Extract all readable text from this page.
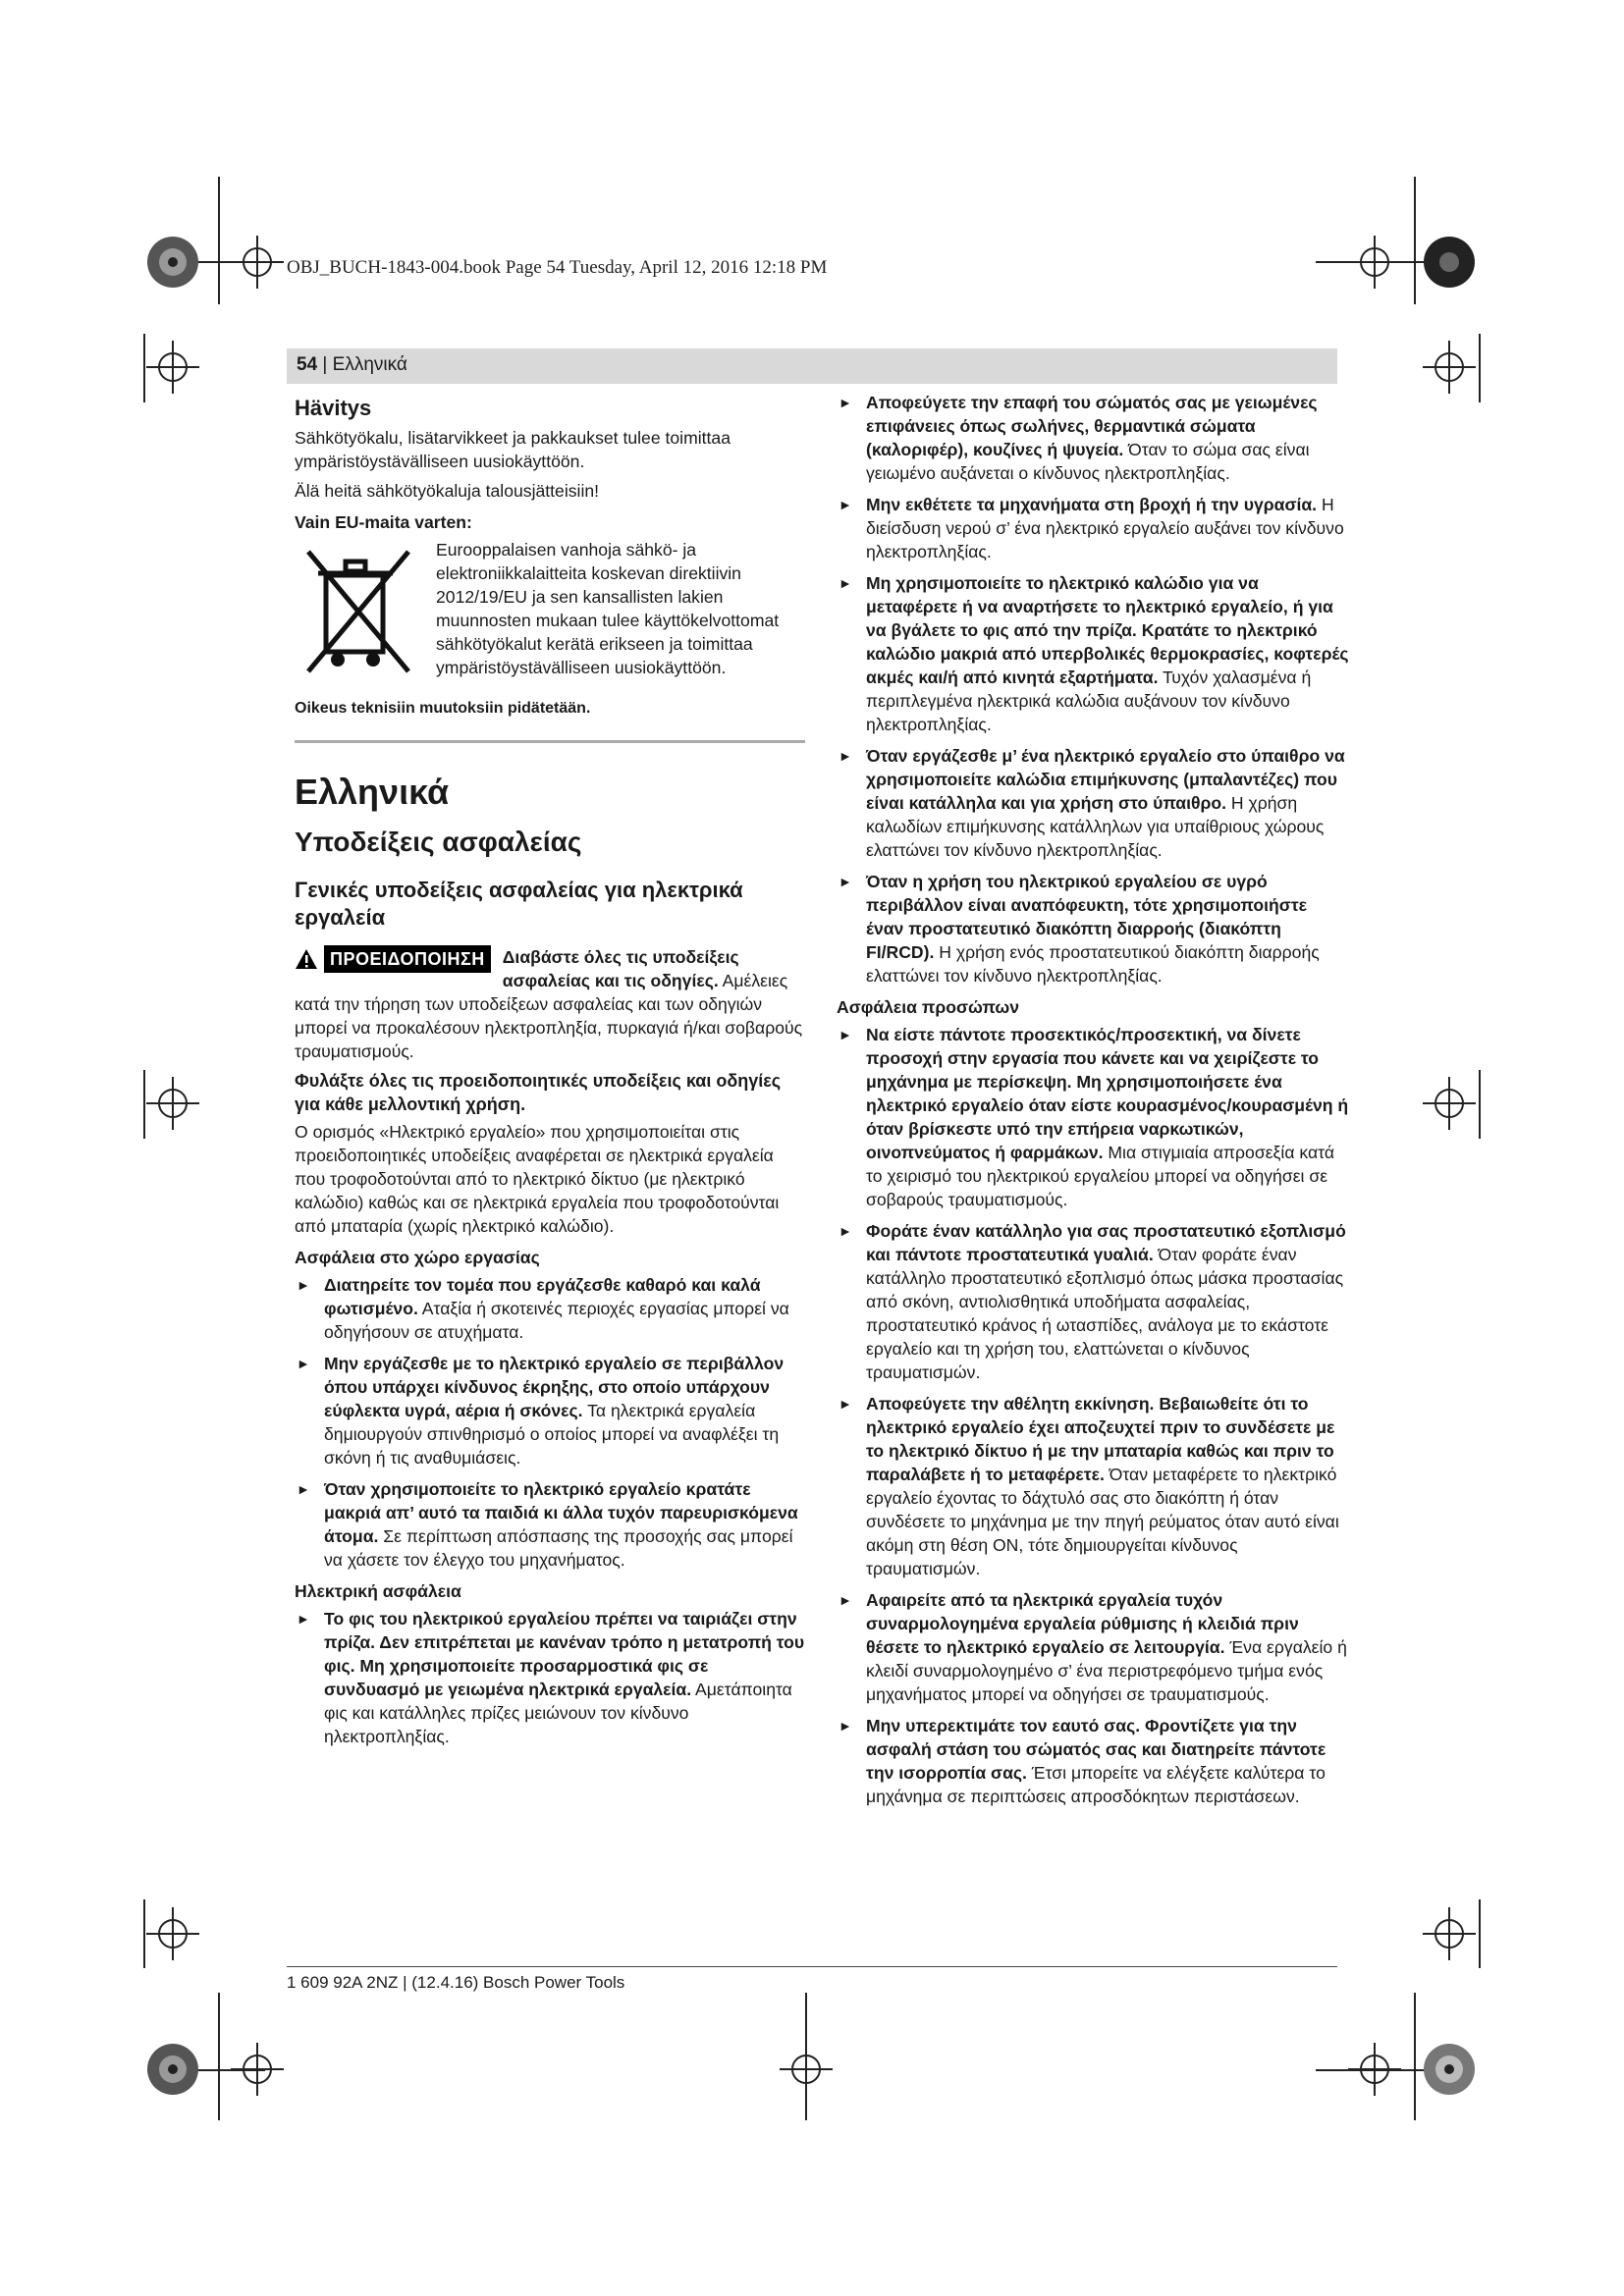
OBJ_BUCH-1843-004.book Page 54 Tuesday, April 12, 2016 12:18 PM
54 | Ελληνικά
Hävitys

Sähkötyökalu, lisätarvikkeet ja pakkaukset tulee toimittaa ympäristöystävälliseen uusiokäyttöön.

Älä heitä sähkötyökaluja talousjätteisiin!

Vain EU-maita varten:
Eurooppalaisen vanhoja sähkö- ja elektroniikkalaitteita koskevan direktiivin 2012/19/EU ja sen kansallisten lakien muunnosten mukaan tulee käyttökelvottomat sähkötyökalut kerätä erikseen ja toimittaa ympäristöystävälliseen uusiokäyttöön.

Oikeus teknisiin muutoksiin pidätetään.

Ελληνικά
Υποδείξεις ασφαλείας
Γενικές υποδείξεις ασφαλείας για ηλεκτρικά εργαλεία
ΠΡΟΕΙΔΟΠΟΙΗΣΗ	Διαβάστε όλες τις υποδείξεις ασφαλείας και τις οδηγίες. Αμέλειες κατά την τήρηση των υποδείξεων ασφαλείας και των οδηγιών μπορεί να προκαλέσουν ηλεκτροπληξία, πυρκαγιά ή/και σοβαρούς τραυματισμούς.
Φυλάξτε όλες τις προειδοποιητικές υποδείξεις και οδηγίες για κάθε μελλοντική χρήση.

Ο ορισμός «Ηλεκτρικό εργαλείο» που χρησιμοποιείται στις προειδοποιητικές υποδείξεις αναφέρεται σε ηλεκτρικά εργαλεία που τροφοδοτούνται από το ηλεκτρικό δίκτυο (με ηλεκτρικό καλώδιο) καθώς και σε ηλεκτρικά εργαλεία που τροφοδοτούνται από μπαταρία (χωρίς ηλεκτρικό καλώδιο).

Ασφάλεια στο χώρο εργασίας
► Διατηρείτε τον τομέα που εργάζεσθε καθαρό και καλά φωτισμένο. Αταξία ή σκοτεινές περιοχές εργασίας μπορεί να οδηγήσουν σε ατυχήματα.
► Μην εργάζεσθε με το ηλεκτρικό εργαλείο σε περιβάλλον όπου υπάρχει κίνδυνος έκρηξης, στο οποίο υπάρχουν εύφλεκτα υγρά, αέρια ή σκόνες. Τα ηλεκτρικά εργαλεία δημιουργούν σπινθηρισμό ο οποίος μπορεί να αναφλέξει τη σκόνη ή τις αναθυμιάσεις.
► Όταν χρησιμοποιείτε το ηλεκτρικό εργαλείο κρατάτε μακριά απ’ αυτό τα παιδιά κι άλλα τυχόν παρευρισκόμενα άτομα. Σε περίπτωση απόσπασης της προσοχής σας μπορεί να χάσετε τον έλεγχο του μηχανήματος.
Ηλεκτρική ασφάλεια
► Το φις του ηλεκτρικού εργαλείου πρέπει να ταιριάζει στην πρίζα. Δεν επιτρέπεται με κανέναν τρόπο η μετατροπή του φις. Μη χρησιμοποιείτε προσαρμοστικά φις σε συνδυασμό με γειωμένα ηλεκτρικά εργαλεία. Αμετάποιητα φις και κατάλληλες πρίζες μειώνουν τον κίνδυνο ηλεκτροπληξίας.
► Αποφεύγετε την επαφή του σώματός σας με γειωμένες επιφάνειες όπως σωλήνες, θερμαντικά σώματα (καλοριφέρ), κουζίνες ή ψυγεία. Όταν το σώμα σας είναι γειωμένο αυξάνεται ο κίνδυνος ηλεκτροπληξίας.
► Μην εκθέτετε τα μηχανήματα στη βροχή ή την υγρασία. Η διείσδυση νερού σ’ ένα ηλεκτρικό εργαλείο αυξάνει τον κίνδυνο ηλεκτροπληξίας.
► Μη χρησιμοποιείτε το ηλεκτρικό καλώδιο για να μεταφέρετε ή να αναρτήσετε το ηλεκτρικό εργαλείο, ή για να βγάλετε το φις από την πρίζα. Κρατάτε το ηλεκτρικό καλώδιο μακριά από υπερβολικές θερμοκρασίες, κοφτερές ακμές και/ή από κινητά εξαρτήματα. Τυχόν χαλασμένα ή περιπλεγμένα ηλεκτρικά καλώδια αυξάνουν τον κίνδυνο ηλεκτροπληξίας.
► Όταν εργάζεσθε μ’ ένα ηλεκτρικό εργαλείο στο ύπαιθρο να χρησιμοποιείτε καλώδια επιμήκυνσης (μπαλαντέζες) που είναι κατάλληλα και για χρήση στο ύπαιθρο. Η χρήση καλωδίων επιμήκυνσης κατάλληλων για υπαίθριους χώρους ελαττώνει τον κίνδυνο ηλεκτροπληξίας.
► Όταν η χρήση του ηλεκτρικού εργαλείου σε υγρό περιβάλλον είναι αναπόφευκτη, τότε χρησιμοποιήστε έναν προστατευτικό διακόπτη διαρροής (διακόπτη FI/RCD). Η χρήση ενός προστατευτικού διακόπτη διαρροής ελαττώνει τον κίνδυνο ηλεκτροπληξίας.
Ασφάλεια προσώπων
► Να είστε πάντοτε προσεκτικός/προσεκτική, να δίνετε προσοχή στην εργασία που κάνετε και να χειρίζεστε το μηχάνημα με περίσκεψη. Μη χρησιμοποιήσετε ένα ηλεκτρικό εργαλείο όταν είστε κουρασμένος/κουρασμένη ή όταν βρίσκεστε υπό την επήρεια ναρκωτικών, οινοπνεύματος ή φαρμάκων. Μια στιγμιαία απροσεξία κατά το χειρισμό του ηλεκτρικού εργαλείου μπορεί να οδηγήσει σε σοβαρούς τραυματισμούς.
► Φοράτε έναν κατάλληλο για σας προστατευτικό εξοπλισμό και πάντοτε προστατευτικά γυαλιά. Όταν φοράτε έναν κατάλληλο προστατευτικό εξοπλισμό όπως μάσκα προστασίας από σκόνη, αντιολισθητικά υποδήματα ασφαλείας, προστατευτικό κράνος ή ωτασπίδες, ανάλογα με το εκάστοτε εργαλείο και τη χρήση του, ελαττώνεται ο κίνδυνος τραυματισμών.
► Αποφεύγετε την αθέλητη εκκίνηση. Βεβαιωθείτε ότι το ηλεκτρικό εργαλείο έχει αποζευχτεί πριν το συνδέσετε με το ηλεκτρικό δίκτυο ή με την μπαταρία καθώς και πριν το παραλάβετε ή το μεταφέρετε. Όταν μεταφέρετε το ηλεκτρικό εργαλείο έχοντας το δάχτυλό σας στο διακόπτη ή όταν συνδέσετε το μηχάνημα με την πηγή ρεύματος όταν αυτό είναι ακόμη στη θέση ON, τότε δημιουργείται κίνδυνος τραυματισμών.
► Αφαιρείτε από τα ηλεκτρικά εργαλεία τυχόν συναρμολογημένα εργαλεία ρύθμισης ή κλειδιά πριν θέσετε το ηλεκτρικό εργαλείο σε λειτουργία. Ένα εργαλείο ή κλειδί συναρμολογημένο σ’ ένα περιστρεφόμενο τμήμα ενός μηχανήματος μπορεί να οδηγήσει σε τραυματισμούς.
► Μην υπερεκτιμάτε τον εαυτό σας. Φροντίζετε για την ασφαλή στάση του σώματός σας και διατηρείτε πάντοτε την ισορροπία σας. Έτσι μπορείτε να ελέγξετε καλύτερα το μηχάνημα σε περιπτώσεις απροσδόκητων περιστάσεων.
1 609 92A 2NZ | (12.4.16) Bosch Power Tools
